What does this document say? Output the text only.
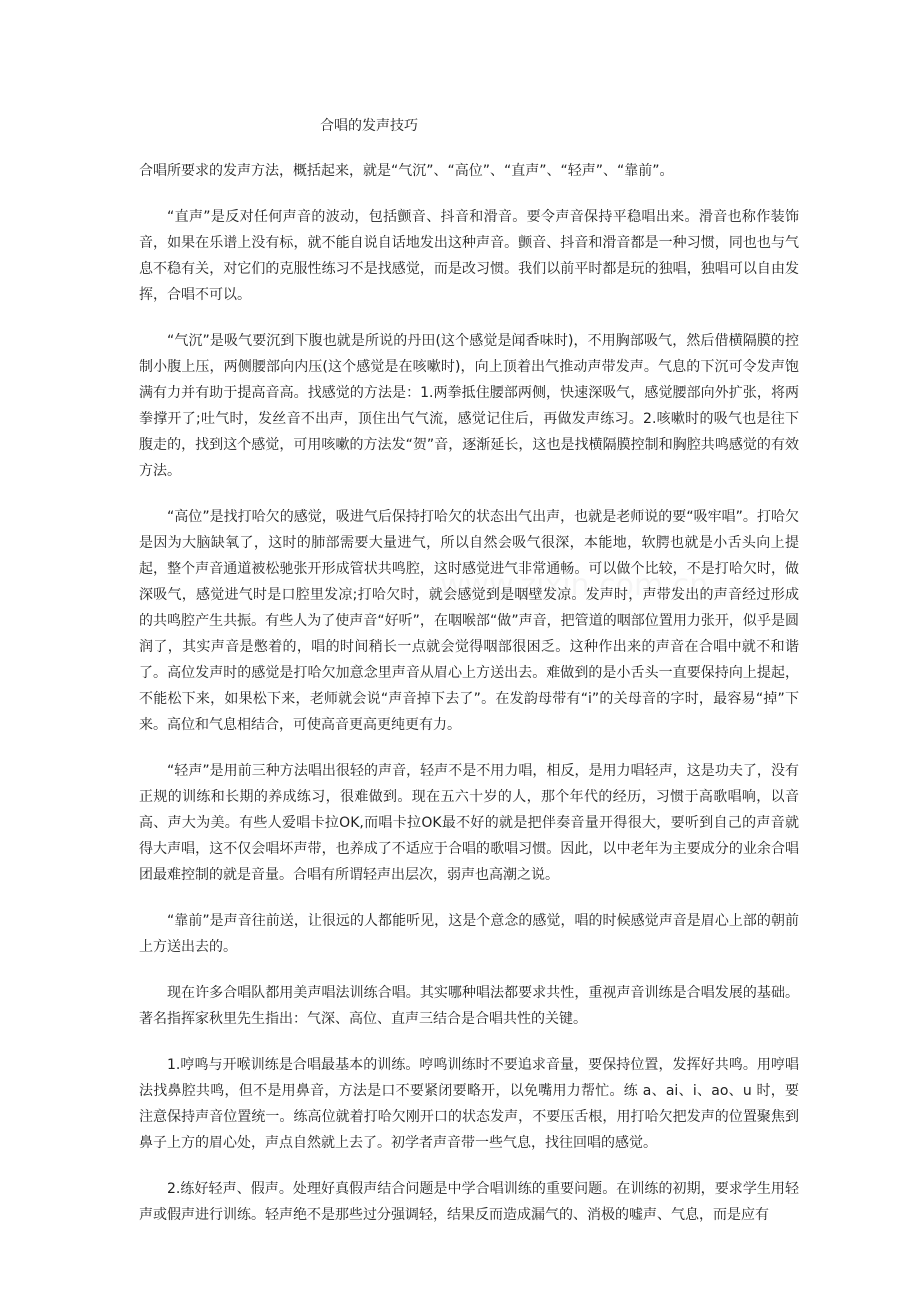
合唱的发声技巧

合唱所要求的发声方法，概括起来，就是“气沉”、“高位”、“直声”、“轻声”、“靠前”。

“直声”是反对任何声音的波动，包括颤音、抖音和滑音。要令声音保持平稳唱出来。滑音也称作装饰音，如果在乐谱上没有标，就不能自说自话地发出这种声音。颤音、抖音和滑音都是一种习惯，同也也与气息不稳有关，对它们的克服性练习不是找感觉，而是改习惯。我们以前平时都是玩的独唱，独唱可以自由发挥，合唱不可以。

“气沉”是吸气要沉到下腹也就是所说的丹田(这个感觉是闻香味时)，不用胸部吸气，然后借横隔膜的控制小腹上压，两侧腰部向内压(这个感觉是在咳嗽时)，向上顶着出气推动声带发声。气息的下沉可令发声饱满有力并有助于提高音高。找感觉的方法是：1.两拳抵住腰部两侧，快速深吸气，感觉腰部向外扩张，将两拳撑开了;吐气时，发丝音不出声，顶住出气气流，感觉记住后，再做发声练习。2.咳嗽时的吸气也是往下腹走的，找到这个感觉，可用咳嗽的方法发“贺”音，逐渐延长，这也是找横隔膜控制和胸腔共鸣感觉的有效方法。

“高位”是找打哈欠的感觉，吸进气后保持打哈欠的状态出气出声，也就是老师说的要“吸牢唱”。打哈欠是因为大脑缺氧了，这时的肺部需要大量进气，所以自然会吸气很深，本能地，软腭也就是小舌头向上提起，整个声音通道被松驰张开形成管状共鸣腔，这时感觉进气非常通畅。可以做个比较，不是打哈欠时，做深吸气，感觉进气时是口腔里发凉;打哈欠时，就会感觉到是咽壁发凉。发声时，声带发出的声音经过形成的共鸣腔产生共振。有些人为了使声音“好听”，在咽喉部“做”声音，把管道的咽部位置用力张开，似乎是圆润了，其实声音是憋着的，唱的时间稍长一点就会觉得咽部很困乏。这种作出来的声音在合唱中就不和谐了。高位发声时的感觉是打哈欠加意念里声音从眉心上方送出去。难做到的是小舌头一直要保持向上提起，不能松下来，如果松下来，老师就会说“声音掉下去了”。在发韵母带有“i”的关母音的字时，最容易“掉”下来。高位和气息相结合，可使高音更高更纯更有力。

“轻声”是用前三种方法唱出很轻的声音，轻声不是不用力唱，相反，是用力唱轻声，这是功夫了，没有正规的训练和长期的养成练习，很难做到。现在五六十岁的人，那个年代的经历，习惯于高歌唱响，以音高、声大为美。有些人爱唱卡拉OK,而唱卡拉OK最不好的就是把伴奏音量开得很大，要听到自己的声音就得大声唱，这不仅会唱坏声带，也养成了不适应于合唱的歌唱习惯。因此，以中老年为主要成分的业余合唱团最难控制的就是音量。合唱有所谓轻声出层次，弱声也高潮之说。

“靠前”是声音往前送，让很远的人都能听见，这是个意念的感觉，唱的时候感觉声音是眉心上部的朝前上方送出去的。

现在许多合唱队都用美声唱法训练合唱。其实哪种唱法都要求共性，重视声音训练是合唱发展的基础。著名指挥家秋里先生指出：气深、高位、直声三结合是合唱共性的关键。

1.哼鸣与开喉训练是合唱最基本的训练。哼鸣训练时不要追求音量，要保持位置，发挥好共鸣。用哼唱法找鼻腔共鸣，但不是用鼻音，方法是口不要紧闭要略开，以免嘴用力帮忙。练 a、ai、i、ao、u 时，要注意保持声音位置统一。练高位就着打哈欠刚开口的状态发声，不要压舌根，用打哈欠把发声的位置聚焦到鼻子上方的眉心处，声点自然就上去了。初学者声音带一些气息，找往回唱的感觉。

2.练好轻声、假声。处理好真假声结合问题是中学合唱训练的重要问题。在训练的初期，要求学生用轻声或假声进行训练。轻声绝不是那些过分强调轻，结果反而造成漏气的、消极的嘘声、气息，而是应有
